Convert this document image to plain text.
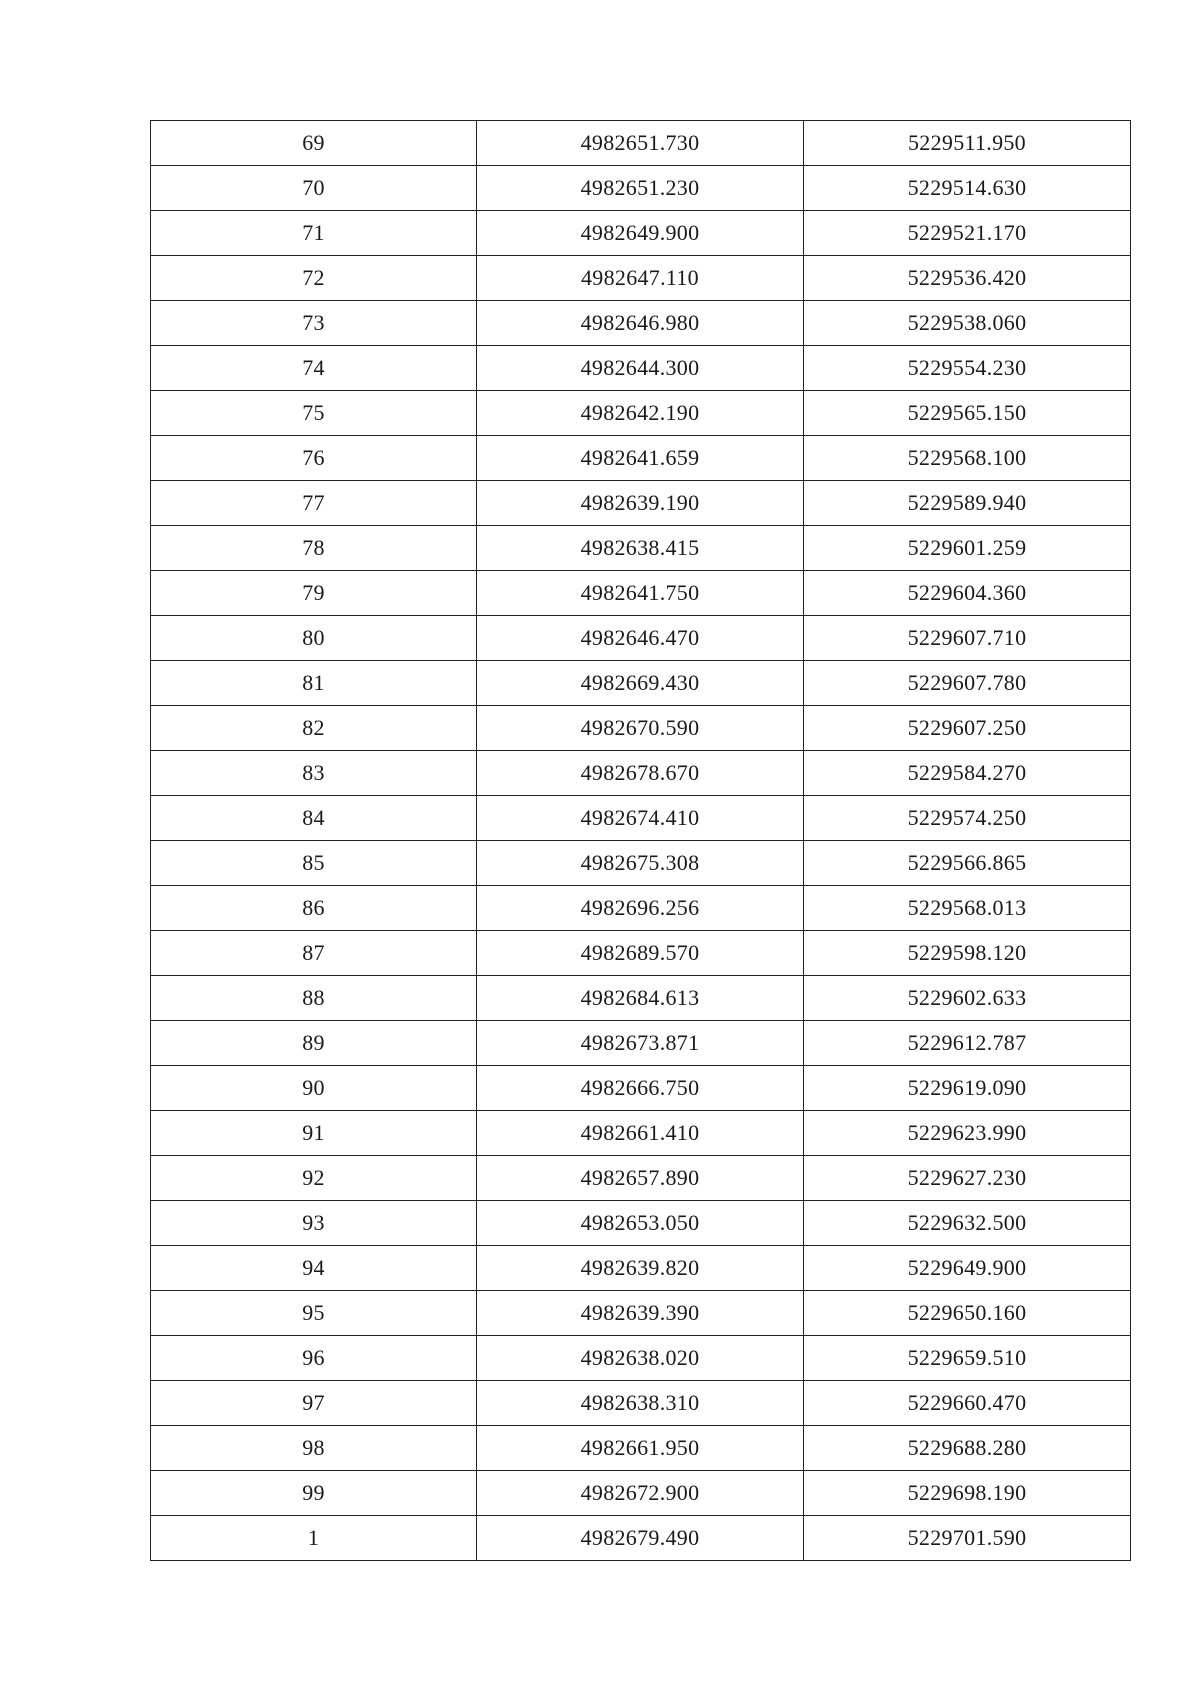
69	4982651.730	5229511.950
70	4982651.230	5229514.630
71	4982649.900	5229521.170
72	4982647.110	5229536.420
73	4982646.980	5229538.060
74	4982644.300	5229554.230
75	4982642.190	5229565.150
76	4982641.659	5229568.100
77	4982639.190	5229589.940
78	4982638.415	5229601.259
79	4982641.750	5229604.360
80	4982646.470	5229607.710
81	4982669.430	5229607.780
82	4982670.590	5229607.250
83	4982678.670	5229584.270
84	4982674.410	5229574.250
85	4982675.308	5229566.865
86	4982696.256	5229568.013
87	4982689.570	5229598.120
88	4982684.613	5229602.633
89	4982673.871	5229612.787
90	4982666.750	5229619.090
91	4982661.410	5229623.990
92	4982657.890	5229627.230
93	4982653.050	5229632.500
94	4982639.820	5229649.900
95	4982639.390	5229650.160
96	4982638.020	5229659.510
97	4982638.310	5229660.470
98	4982661.950	5229688.280
99	4982672.900	5229698.190
1	4982679.490	5229701.590
